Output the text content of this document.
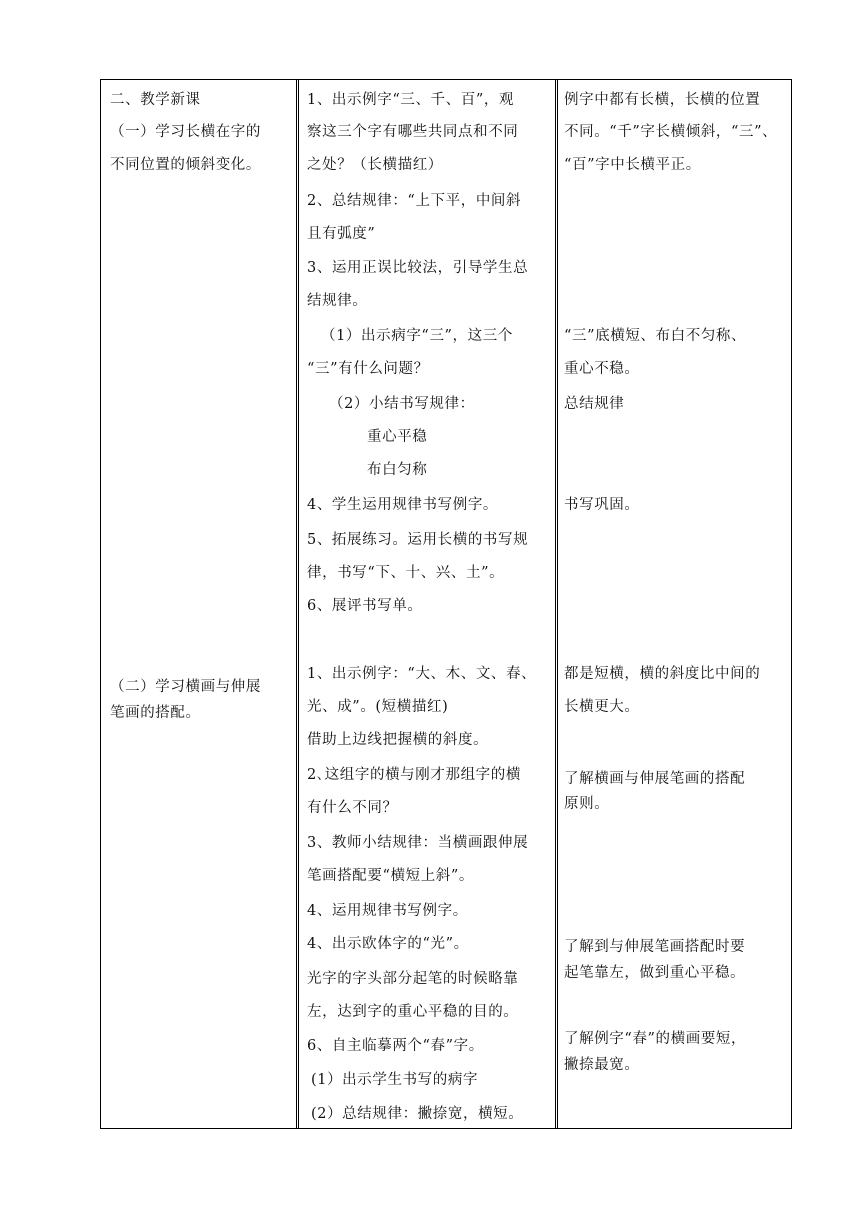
二、教学新课
（一）学习长横在字的
不同位置的倾斜变化。
（二）学习横画与伸展
笔画的搭配。
1、出示例字“三、千、百”，观
察这三个字有哪些共同点和不同
之处？（长横描红）
2、总结规律：“上下平，中间斜
且有弧度”
3、运用正误比较法，引导学生总
结规律。
（1）出示病字“三”，这三个
“三”有什么问题？
（2）小结书写规律：
重心平稳
布白匀称
4、学生运用规律书写例字。
5、拓展练习。运用长横的书写规
律，书写“下、十、兴、土”。
6、展评书写单。
1、出示例字：“大、木、文、春、
光、成”。(短横描红)
借助上边线把握横的斜度。
2､这组字的横与刚才那组字的横
有什么不同？
3、教师小结规律：当横画跟伸展
笔画搭配要“横短上斜”。
4、运用规律书写例字。
4、出示欧体字的“光”。
光字的字头部分起笔的时候略靠
左，达到字的重心平稳的目的。
6、自主临摹两个“春”字。
(1）出示学生书写的病字
(2）总结规律：撇捺宽，横短。
例字中都有长横，长横的位置
不同。“千”字长横倾斜，“三”、
“百”字中长横平正。
“三”底横短、布白不匀称、
重心不稳。
总结规律
书写巩固。
都是短横，横的斜度比中间的
长横更大。
了解横画与伸展笔画的搭配
原则。
了解到与伸展笔画搭配时要
起笔靠左，做到重心平稳。
了解例字“春”的横画要短，
撇捺最宽。
